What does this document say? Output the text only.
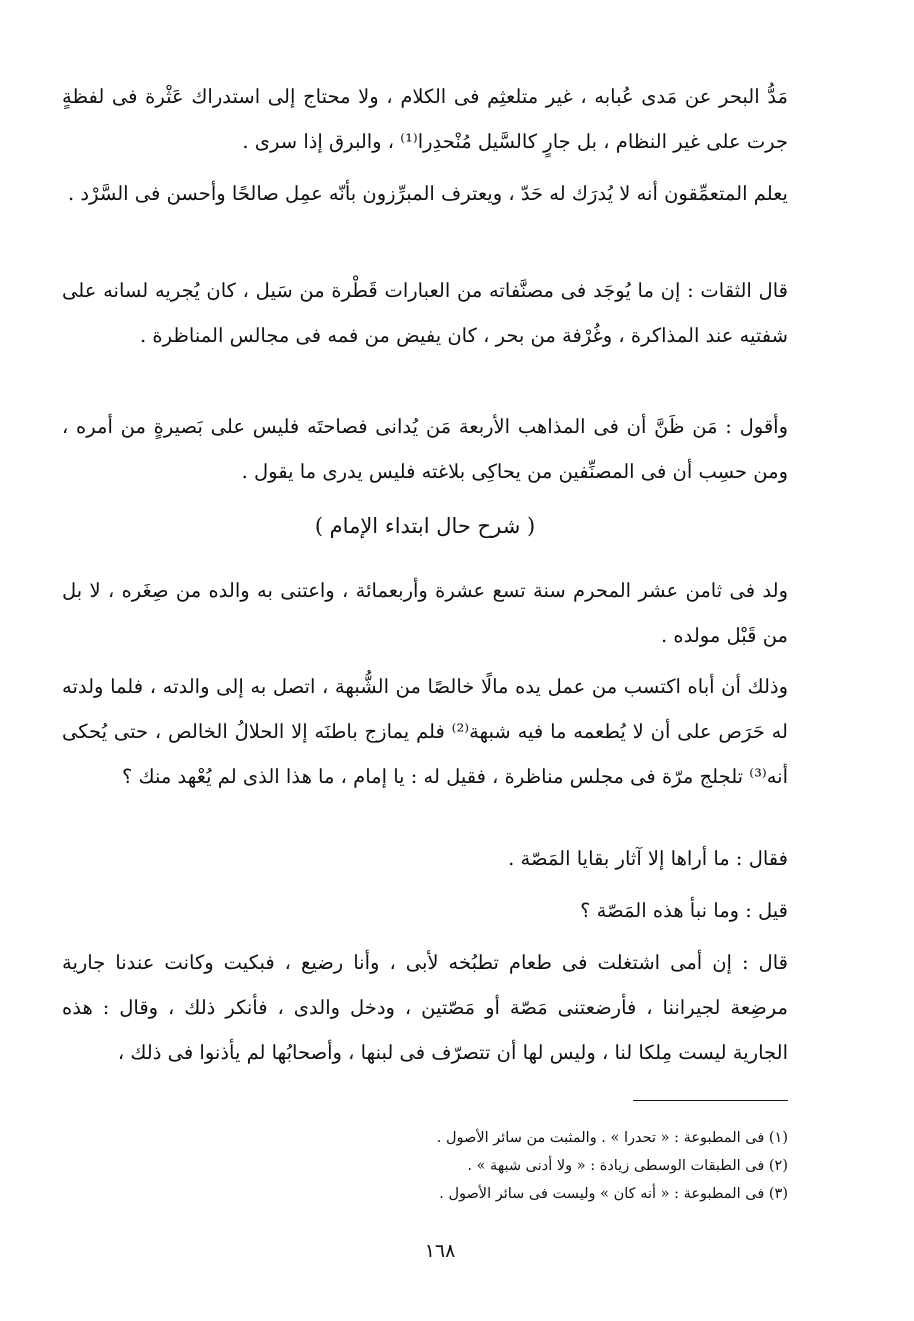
مَدُّ البحر عن مَدى عُبابه ، غير متلعثِم فى الكلام ، ولا محتاج إلى استدراك عَثْرة فى لفظةٍ جرت على غير النظام ، بل جارٍ كالسَّيل مُنْحدِرا⁽¹⁾ ، والبرق إذا سرى .

يعلم المتعمِّقون أنه لا يُدرَك له حَدّ ، ويعترف المبرِّزون بأنّه عمِل صالحًا وأحسن فى السَّرْد .

قال الثقات : إن ما يُوجَد فى مصنَّفاته من العبارات قَطْرة من سَيل ، كان يُجريه لسانه على شفتيه عند المذاكرة ، وغُرْفة من بحر ، كان يفيض من فمه فى مجالس المناظرة .

وأقول : مَن ظَنَّ أن فى المذاهب الأربعة مَن يُدانى فصاحتَه فليس على بَصيرةٍ من أمره ، ومن حسِب أن فى المصنِّفين من يحاكِى بلاغته فليس يدرى ما يقول .

( شرح حال ابتداء الإمام )

ولد فى ثامن عشر المحرم سنة تسع عشرة وأربعمائة ، واعتنى به والده من صِغَره ، لا بل من قَبْل مولده .

وذلك أن أباه اكتسب من عمل يده مالًا خالصًا من الشُّبهة ، اتصل به إلى والدته ، فلما ولدته له حَرَص على أن لا يُطعمه ما فيه شبهة⁽²⁾ فلم يمازج باطنَه إلا الحلالُ الخالص ، حتى يُحكى أنه⁽³⁾ تلجلج مرّة فى مجلس مناظرة ، فقيل له : يا إمام ، ما هذا الذى لم يُعْهد منك ؟

فقال : ما أراها إلا آثار بقايا المَصّة .

قيل : وما نبأ هذه المَصّة ؟

قال : إن أمى اشتغلت فى طعام تطبُخه لأبى ، وأنا رضيع ، فبكيت وكانت عندنا جارية مرضِعة لجيراننا ، فأرضعتنى مَصّة أو مَصّتين ، ودخل والدى ، فأنكر ذلك ، وقال : هذه الجارية ليست مِلكا لنا ، وليس لها أن تتصرّف فى لبنها ، وأصحابُها لم يأذنوا فى ذلك ،

(١) فى المطبوعة : « تحدرا » . والمثبت من سائر الأصول .

(٢) فى الطبقات الوسطى زيادة : « ولا أدنى شبهة » .

(٣) فى المطبوعة : « أنه كان » وليست فى سائر الأصول .

١٦٨
